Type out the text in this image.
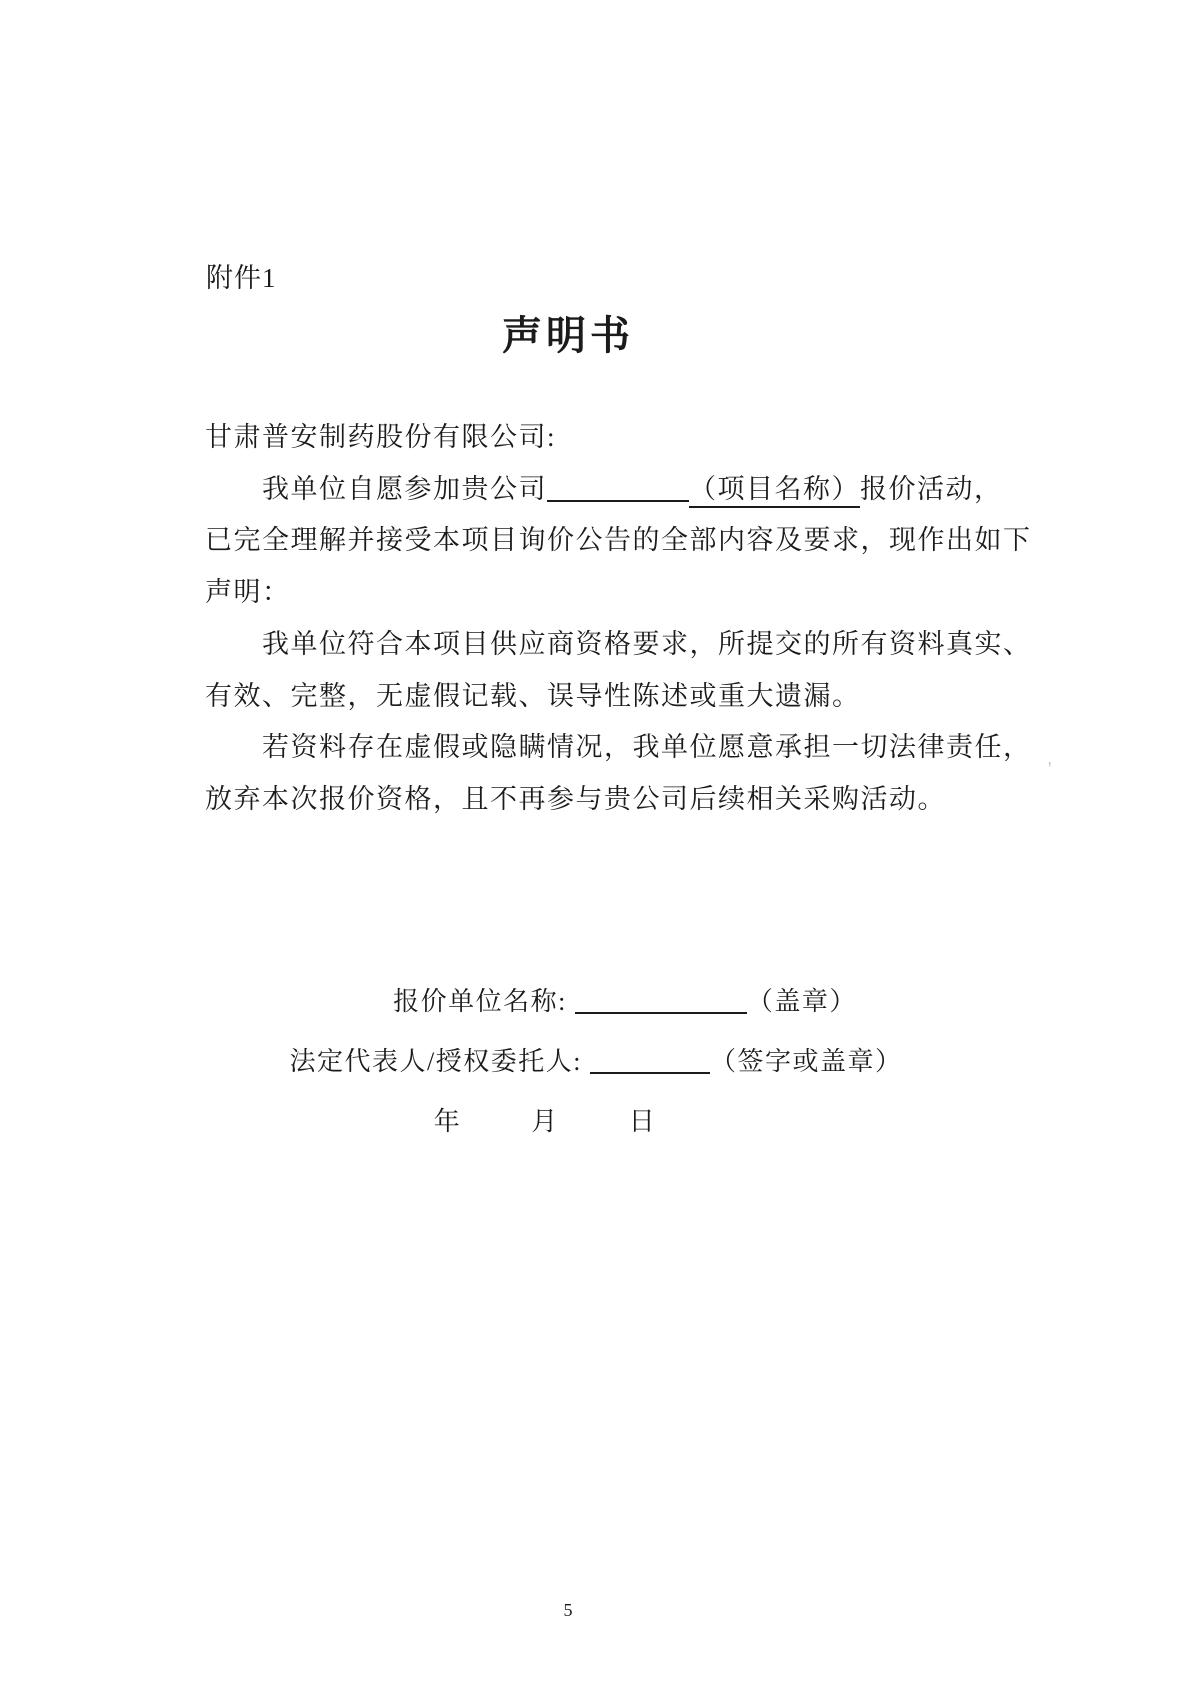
附件1
声明书
甘肃普安制药股份有限公司:
我单位自愿参加贵公司	（项目名称）报价活动，
已完全理解并接受本项目询价公告的全部内容及要求，现作出如下
声明：
我单位符合本项目供应商资格要求，所提交的所有资料真实、
有效、完整，无虚假记载、误导性陈述或重大遗漏。
若资料存在虚假或隐瞒情况，我单位愿意承担一切法律责任，
放弃本次报价资格，且不再参与贵公司后续相关采购活动。
'
报价单位名称:	（盖章）
法定代表人/授权委托人:	（签字或盖章）
年	月	日
5
